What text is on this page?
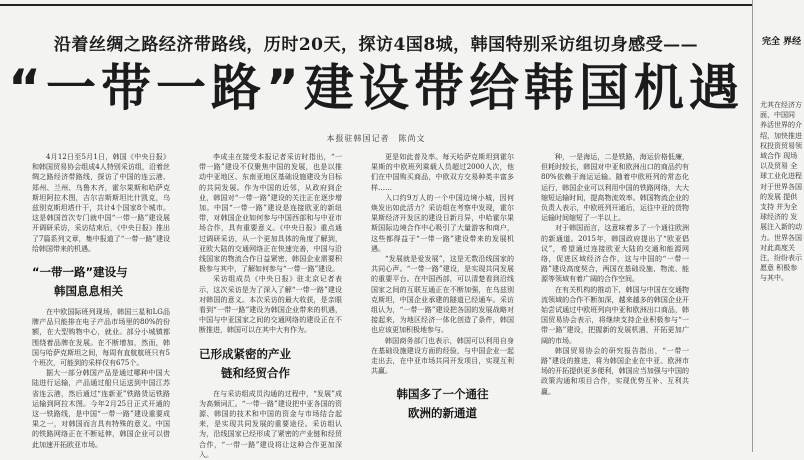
沿着丝绸之路经济带路线，历时20天，探访4国8城，韩国特别采访组切身感受——
“一带一路”建设带给韩国机遇
本报驻韩国记者　陈尚文

4月12日至5月1日，韩国《中央日报》和韩国贸易协会组成4人特别采访组，沿着丝绸之路经济带路线，探访了中国的连云港、郑州、兰州、乌鲁木齐，霍尔果斯和哈萨克斯坦阿拉木图，吉尔吉斯斯坦比什凯克，乌兹别克斯坦塔什干，共计4个国家8个城市。这是韩国首次专门就中国“一带一路”建设展开调研采访，采访结束后，《中央日报》推出了7篇系列文章，集中报道了“一带一路”建设给韩国带来的机遇。

“一带一路”建设与
韩国息息相关

在中欧国际班列现场，韩国三星和LG品牌产品只能排在电子产品市场里的80%的份额，在大型购物中心，就业。部分小城镇都围绕着品牌在发展。在不断增加，然而，韩国与哈萨克斯坦之间，每周有直航航班只有5个班次，可能到的采样仅有675个。

据大一部分韩国产品是通过哪种中国大陆进行运输，产品通过船只运送到中国江苏省连云港，然后通过“连新亚”铁路货运铁路运输到阿拉木图。今年2月25日正式开通的这一铁路线，是中国“一带一路”建设重要成果之一，对韩国而言具有特殊的意义。中国的铁路网络正在不断延伸，韩国企业可以借此加速开拓欧亚市场。

李成圭在接受本报记者采访时指出，“一带一路”建设不仅聚焦中国的发展，也是以推动中亚地区、东南亚地区基础设施建设为目标的共同发展。作为中国的近邻，从政府到企业，韩国对“一带一路”建设的关注正在逐步增加。中国“一带一路”建设是连接欧亚的新纽带，对韩国企业如何参与中国西部和与中亚市场合作，具有重要意义。《中央日报》重点通过调研采访，从一个更加具体的角度了解到，亚欧大陆的交通网络正在快速完善，中国与沿线国家的物流合作日益紧密，韩国企业需要积极参与其中，了解如何参与“一带一路”建设。

采访组成员《中央日报》驻北京记者表示，这次采访是为了深入了解“一带一路”建设对韩国的意义。本次采访的最大收获，是亲眼看到“一带一路”建设为韩国企业带来的机遇，中国与中亚国家之间的交通网络的建设正在不断推进，韩国可以在其中大有作为。

已形成紧密的产业
链和经贸合作

在与采访组成员沟通的过程中，“发展”成为高频词汇。“一带一路”建设把中亚各国的资源、韩国的技术和中国的资金与市场结合起来，是实现共同发展的重要途径。采访组认为，沿线国家已经形成了紧密的产业链和经贸合作，“一带一路”建设将让这种合作更加深入。

更是如此普及率。每天哈萨克斯坦到霍尔果斯的中欧班列乘载人员超过2000人次，他们在中国购买商品，中欧双方交易种类丰富多样……

入口约9万人的一个中国边境小城，因何焕发出如此活力？采访组在考察中发现，霍尔果斯经济开发区的建设日新月异，中哈霍尔果斯国际边境合作中心吸引了大量游客和商户，这些都得益于“一带一路”建设带来的发展机遇。

“发展就是爱发展”，这是无数沿线国家的共同心声。“一带一路”建设，是实现共同发展的重要平台。在中国西部，可以清楚看到沿线国家之间的互联互通正在不断加强，在乌兹别克斯坦，中国企业承建的隧道已经通车。采访组认为，“一带一路”建设把各国的发展战略对接起来，为地区经济一体化创造了条件，韩国也应该更加积极地参与。

韩国商务部门也表示，韩国可以利用自身在基础设施建设方面的经验，与中国企业一起走出去，在中亚市场共同开发项目，实现互利共赢。

韩国多了一个通往
欧洲的新通道

种，一是海运，二是铁路，海运价格低廉，但耗时较长，韩国对中亚和欧洲出口的商品约有80%依赖于海运运输。随着中欧班列的常态化运行，韩国企业可以利用中国的铁路网络，大大缩短运输时间，提高物流效率。韩国物流企业的负责人表示，中欧班列开通后，运往中亚的货物运输时间缩短了一半以上。

对于韩国而言，这意味着多了一个通往欧洲的新通道。2015年，韩国政府提出了“欧亚倡议”，希望通过连接欧亚大陆的交通和能源网络，促进区域经济合作，这与中国的“一带一路”建设高度契合，两国在基础设施、物流、能源等领域有着广阔的合作空间。

在有关机构的推动下，韩国与中国在交通物流领域的合作不断加深，越来越多的韩国企业开始尝试通过中欧班列向中亚和欧洲出口商品，韩国贸易协会表示，将继续支持企业积极参与“一带一路”建设，把握新的发展机遇，开拓更加广阔的市场。

韩国贸易协会的研究报告指出，“一带一路”建设的推进，将为韩国企业在中亚、欧洲市场的开拓提供更多便利，韩国应当加强与中国的政策沟通和项目合作，实现优势互补、互利共赢。

完全 界经

尤其在经济方面，中国同 养活世界的介绍，加快推进 权投资贸易领域合作 现场以及贸易 全球工业化进程 对于世界各国的发展 提供支持 并为全球经济的 发展注入新的动力。世界各国 对此高度关注，纷纷表示愿意 积极参与其中。
